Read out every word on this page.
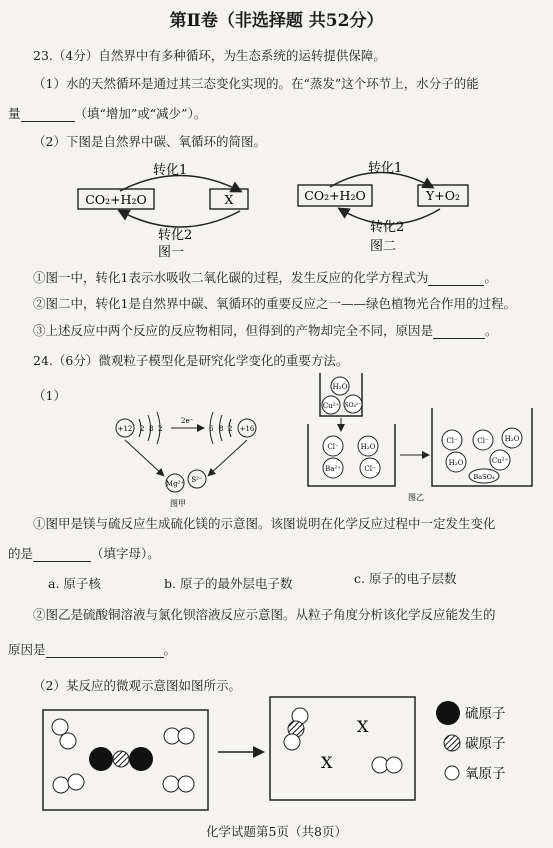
第Ⅱ卷（非选择题 共52分）
23.（4分）自然界中有多种循环，为生态系统的运转提供保障。
（1）水的天然循环是通过其三态变化实现的。在“蒸发”这个环节上，水分子的能
量	（填“增加”或“减少”）。
（2）下图是自然界中碳、氧循环的简图。
转化1
CO₂+H₂O	X
转化2
图一
转化1
CO₂+H₂O	Y+O₂
转化2
图二
①图一中，转化1表示水吸收二氧化碳的过程，发生反应的化学方程式为	。
②图二中，转化1是自然界中碳、氧循环的重要反应之一——绿色植物光合作用的过程。
③上述反应中两个反应的反应物相同，但得到的产物却完全不同，原因是	。
24.（6分）微观粒子模型化是研究化学变化的重要方法。
（1）
+12 2 8 2
2e⁻
6 8 2 +16
Mg²⁺ S²⁻
图甲
H₂O
Cu²⁺ SO₄²⁻
Cl⁻	H₂O
Ba²⁺	Cl⁻
Cl⁻	Cl⁻ H₂O
Cu²⁺
H₂O
BaSO₄
图乙
①图甲是镁与硫反应生成硫化镁的示意图。该图说明在化学反应过程中一定发生变化
的是	（填字母）。
a. 原子核	b. 原子的最外层电子数	c. 原子的电子层数
②图乙是硫酸铜溶液与氯化钡溶液反应示意图。从粒子角度分析该化学反应能发生的
原因是	。
（2）某反应的微观示意图如图所示。
X
X
硫原子
碳原子
氧原子
化学试题第5页（共8页）
